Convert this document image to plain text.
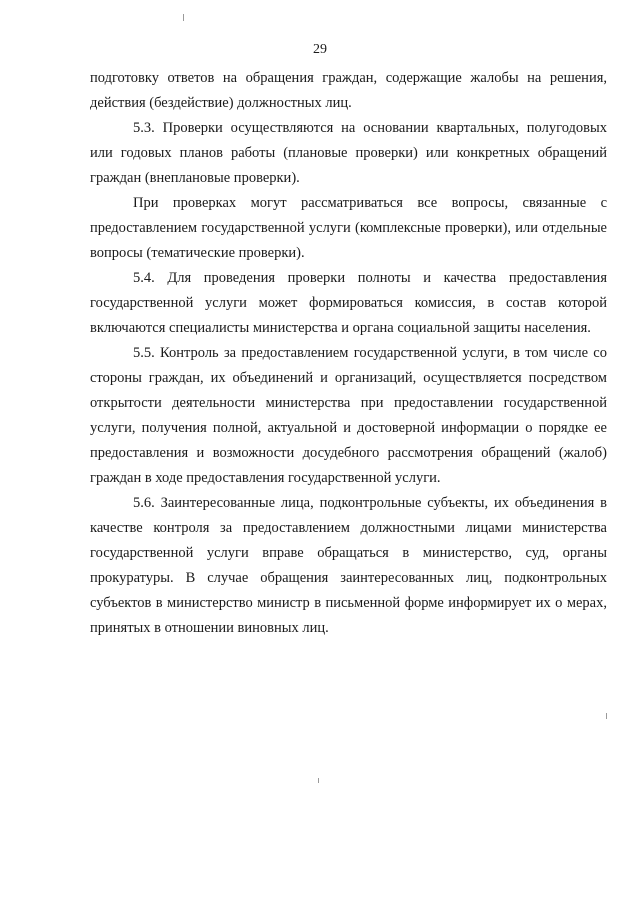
29

подготовку ответов на обращения граждан, содержащие жалобы на решения, действия (бездействие) должностных лиц.

5.3. Проверки осуществляются на основании квартальных, полугодовых или годовых планов работы (плановые проверки) или конкретных обращений граждан (внеплановые проверки).

При проверках могут рассматриваться все вопросы, связанные с предоставлением государственной услуги (комплексные проверки), или отдельные вопросы (тематические проверки).

5.4. Для проведения проверки полноты и качества предоставления государственной услуги может формироваться комиссия, в состав которой включаются специалисты министерства и органа социальной защиты населения.

5.5. Контроль за предоставлением государственной услуги, в том числе со стороны граждан, их объединений и организаций, осуществляется посредством открытости деятельности министерства при предоставлении государственной услуги, получения полной, актуальной и достоверной информации о порядке ее предоставления и возможности досудебного рассмотрения обращений (жалоб) граждан в ходе предоставления государственной услуги.

5.6. Заинтересованные лица, подконтрольные субъекты, их объединения в качестве контроля за предоставлением должностными лицами министерства государственной услуги вправе обращаться в министерство, суд, органы прокуратуры. В случае обращения заинтересованных лиц, подконтрольных субъектов в министерство министр в письменной форме информирует их о мерах, принятых в отношении виновных лиц.
